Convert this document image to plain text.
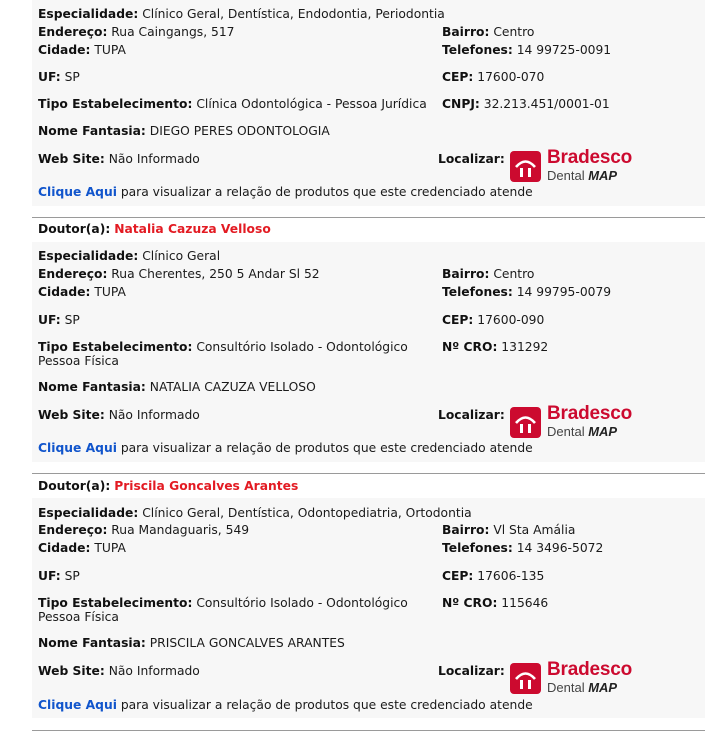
Especialidade: Clínico Geral, Dentística, Endodontia, Periodontia
Endereço: Rua Caingangs, 517	Bairro: Centro
Cidade: TUPA	Telefones: 14 99725-0091
UF: SP	CEP: 17600-070
Tipo Estabelecimento: Clínica Odontológica - Pessoa Jurídica CNPJ: 32.213.451/0001-01
Nome Fantasia: DIEGO PERES ODONTOLOGIA
Web Site: Não Informado	Localizar: Bradesco
Dental MAP
Clique Aqui para visualizar a relação de produtos que este credenciado atende
Doutor(a): Natalia Cazuza Velloso
Especialidade: Clínico Geral
Endereço: Rua Cherentes, 250 5 Andar Sl 52	Bairro: Centro
Cidade: TUPA	Telefones: 14 99795-0079
UF: SP	CEP: 17600-090
Tipo Estabelecimento: Consultório Isolado - Odontológico Pessoa Física
Nº CRO: 131292
Nome Fantasia: NATALIA CAZUZA VELLOSO
Web Site: Não Informado	Localizar: Bradesco
Dental MAP
Clique Aqui para visualizar a relação de produtos que este credenciado atende
Doutor(a): Priscila Goncalves Arantes
Especialidade: Clínico Geral, Dentística, Odontopediatria, Ortodontia
Endereço: Rua Mandaguaris, 549	Bairro: Vl Sta Amália
Cidade: TUPA	Telefones: 14 3496-5072
UF: SP	CEP: 17606-135
Tipo Estabelecimento: Consultório Isolado - Odontológico Pessoa Física
Nº CRO: 115646
Nome Fantasia: PRISCILA GONCALVES ARANTES
Web Site: Não Informado	Localizar: Bradesco
Dental MAP
Clique Aqui para visualizar a relação de produtos que este credenciado atende
